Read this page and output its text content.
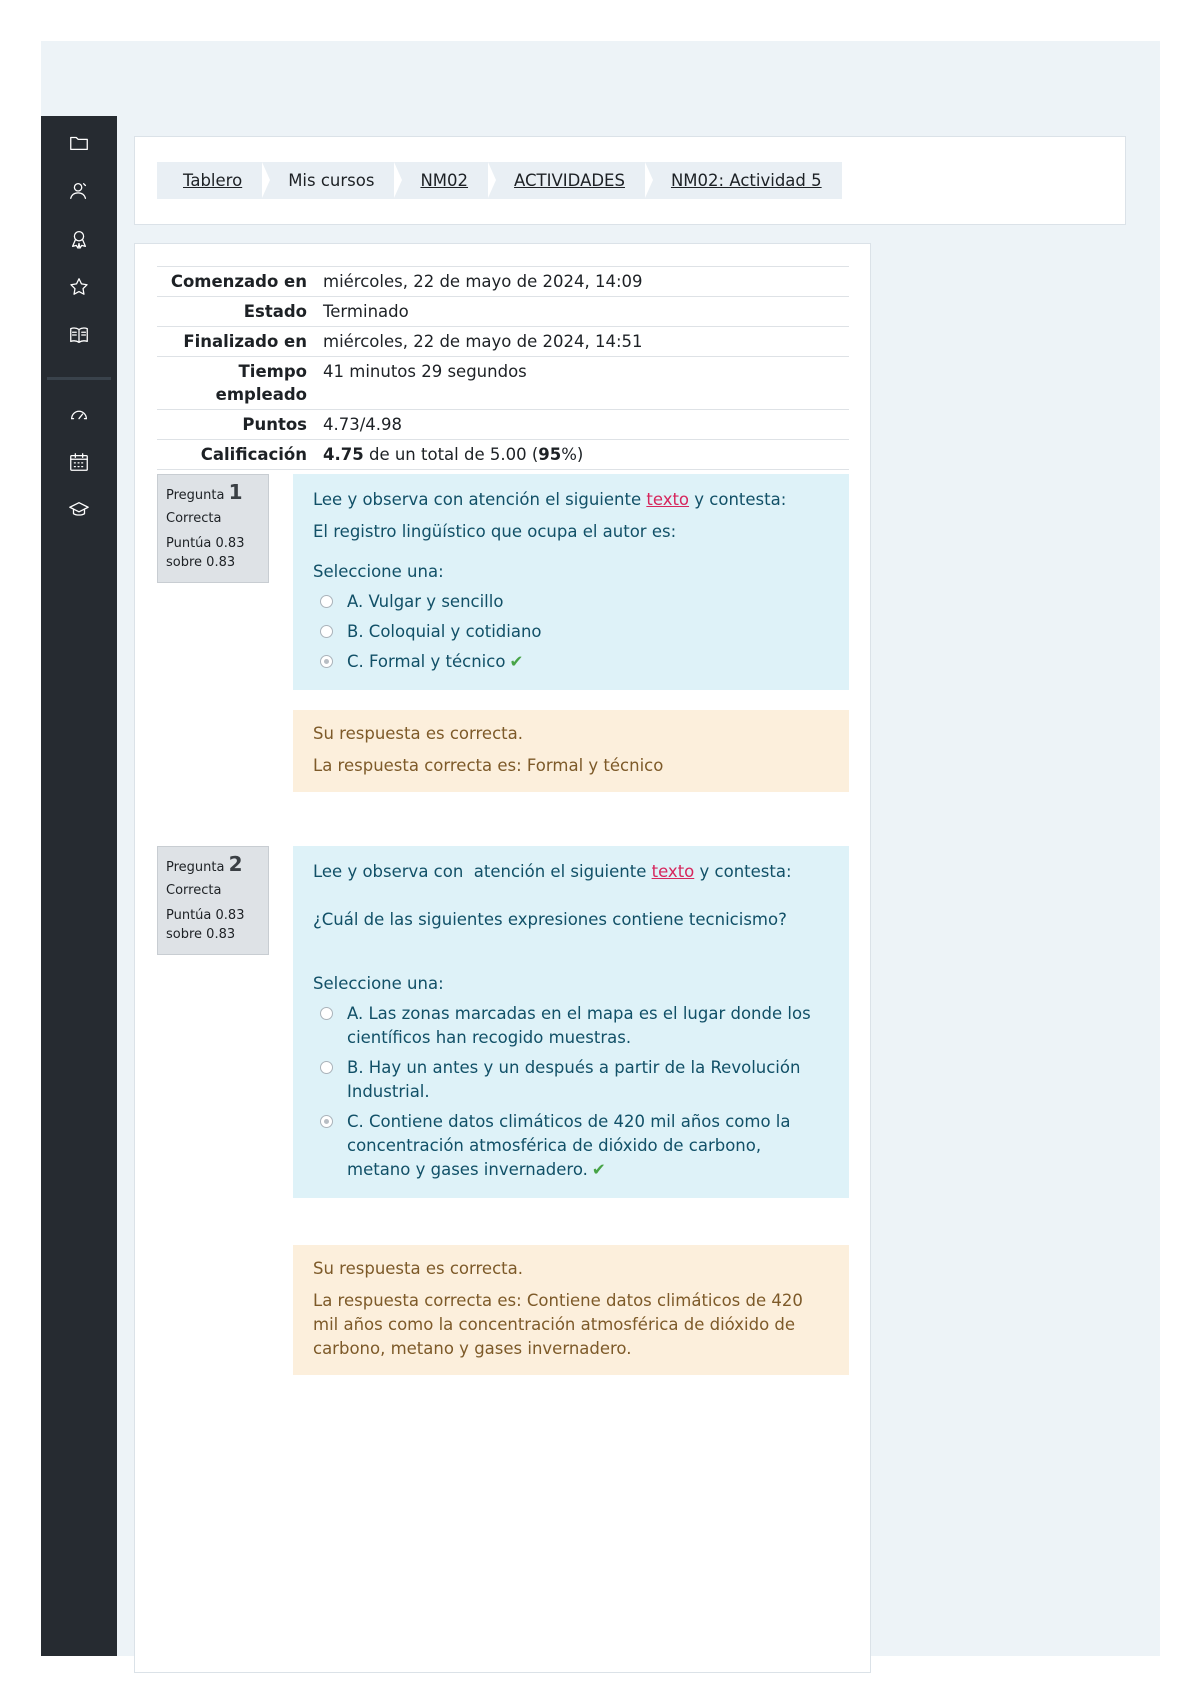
Tablero	Mis cursos	NM02	ACTIVIDADES	NM02: Actividad 5
Comenzado en	miércoles, 22 de mayo de 2024, 14:09
Estado	Terminado
Finalizado en	miércoles, 22 de mayo de 2024, 14:51
Tiempo empleado	41 minutos 29 segundos
Puntos	4.73/4.98
Calificación	4.75 de un total de 5.00 (95%)
Pregunta 1
Correcta
Puntúa 0.83 sobre 0.83

Lee y observa con atención el siguiente texto y contesta:

El registro lingüístico que ocupa el autor es:

Seleccione una:
A. Vulgar y sencillo
B. Coloquial y cotidiano
C. Formal y técnico ✔

Su respuesta es correcta.

La respuesta correcta es: Formal y técnico

Pregunta 2
Correcta
Puntúa 0.83 sobre 0.83

Lee y observa con  atención el siguiente texto y contesta:

¿Cuál de las siguientes expresiones contiene tecnicismo?

Seleccione una:
A. Las zonas marcadas en el mapa es el lugar donde los científicos han recogido muestras.
B. Hay un antes y un después a partir de la Revolución Industrial.
C. Contiene datos climáticos de 420 mil años como la concentración atmosférica de dióxido de carbono, metano y gases invernadero. ✔

Su respuesta es correcta.

La respuesta correcta es: Contiene datos climáticos de 420 mil años como la concentración atmosférica de dióxido de carbono, metano y gases invernadero.
